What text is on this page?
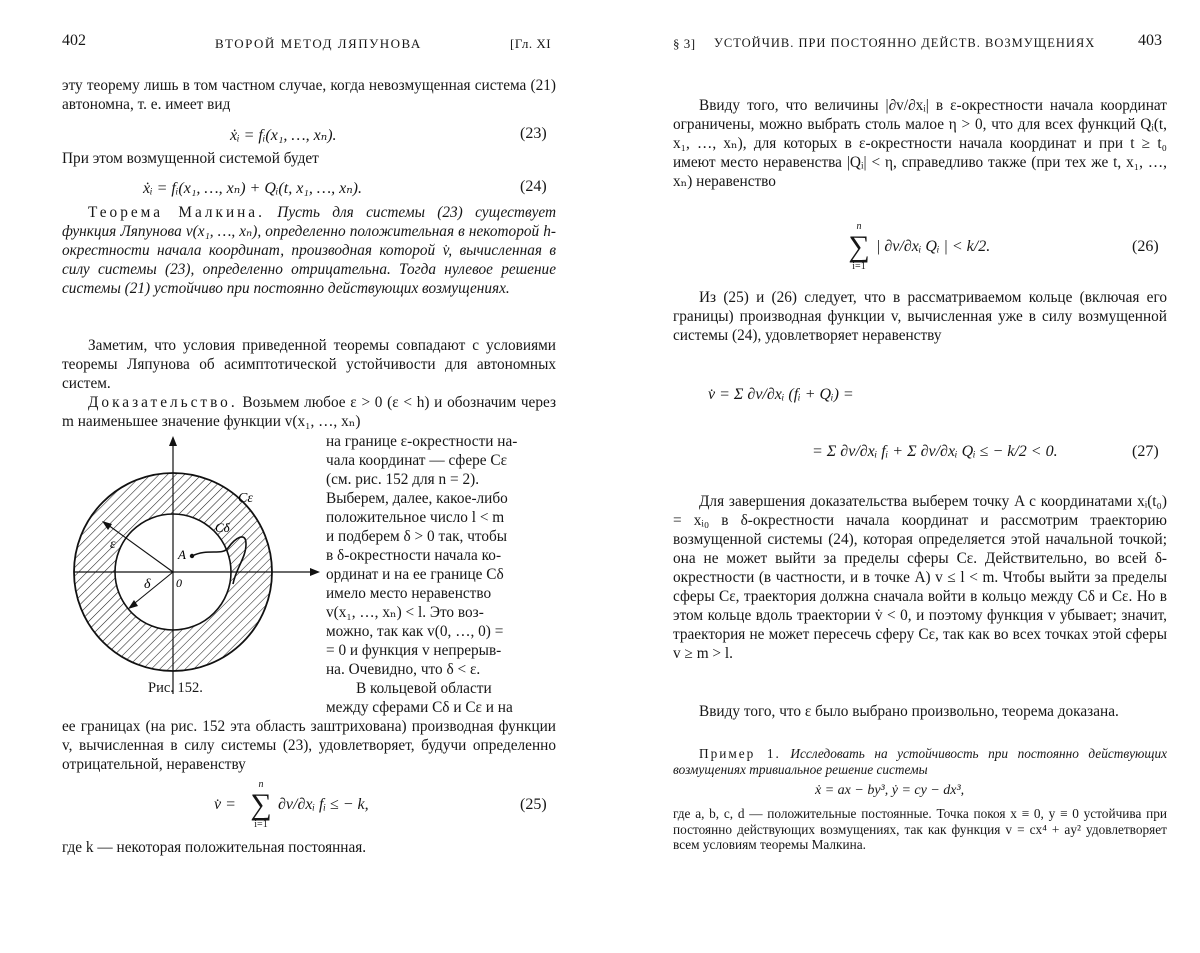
402	ВТОРОЙ МЕТОД ЛЯПУНОВА	[Гл. XI

эту теорему лишь в том частном случае, когда невозмущенная система (21) автономна, т. е. имеет вид

ẋᵢ = fᵢ(x₁, …, xₙ).	(23)

При этом возмущенной системой будет

ẋᵢ = fᵢ(x₁, …, xₙ) + Qᵢ(t, x₁, …, xₙ).	(24)

Теорема Малкина. Пусть для системы (23) существует функция Ляпунова v(x₁, …, xₙ), определенно положительная в некоторой h-окрестности начала координат, производная которой v̇, вычисленная в силу системы (23), определенно отрицательна. Тогда нулевое решение системы (21) устойчиво при постоянно действующих возмущениях.

Заметим, что условия приведенной теоремы совпадают с условиями теоремы Ляпунова об асимптотической устойчивости для автономных систем.

Доказательство. Возьмем любое ε > 0 (ε < h) и обозначим через m наименьшее значение функции v(x₁, …, xₙ)

Cε
Cδ
ε
δ
A
0

на границе ε-окрестности на-

чала координат — сфере Cε

(см. рис. 152 для n = 2).

Выберем, далее, какое-либо

положительное число l < m

и подберем δ > 0 так, чтобы

в δ-окрестности начала ко-

ординат и на ее границе Cδ

имело место неравенство

v(x₁, …, xₙ) < l. Это воз-

можно, так как v(0, …, 0) =

= 0 и функция v непрерыв-

на. Очевидно, что δ < ε.

В кольцевой области

между сферами Cδ и Cε и на

Рис. 152.

ее границах (на рис. 152 эта область заштрихована) производная функции v, вычисленная в силу системы (23), удовлетворяет, будучи определенно отрицательной, неравенству

v̇ =
n
∑
i=1
∂v/∂xᵢ fᵢ ≤ − k,	(25)

где k — некоторая положительная постоянная.

§ 3] УСТОЙЧИВ. ПРИ ПОСТОЯННО ДЕЙСТВ. ВОЗМУЩЕНИЯХ	403

Ввиду того, что величины |∂v/∂xᵢ| в ε-окрестности начала координат ограничены, можно выбрать столь малое η > 0, что для всех функций Qᵢ(t, x₁, …, xₙ), для которых в ε-окрестности начала координат и при t ≥ t₀ имеют место неравенства |Qᵢ| < η, справедливо также (при тех же t, x₁, …, xₙ) неравенство

n
∑
i=1
| ∂v/∂xᵢ Qᵢ | < k/2.	(26)

Из (25) и (26) следует, что в рассматриваемом кольце (включая его границы) производная функции v, вычисленная уже в силу возмущенной системы (24), удовлетворяет неравенству

v̇ = Σ ∂v/∂xᵢ (fᵢ + Qᵢ) =
= Σ ∂v/∂xᵢ fᵢ + Σ ∂v/∂xᵢ Qᵢ ≤ − k/2 < 0.	(27)

Для завершения доказательства выберем точку A с координатами xᵢ(t₀) = xᵢ₀ в δ-окрестности начала координат и рассмотрим траекторию возмущенной системы (24), которая определяется этой начальной точкой; она не может выйти за пределы сферы Cε. Действительно, во всей δ-окрестности (в частности, и в точке A) v ≤ l < m. Чтобы выйти за пределы сферы Cε, траектория должна сначала войти в кольцо между Cδ и Cε. Но в этом кольце вдоль траектории v̇ < 0, и поэтому функция v убывает; значит, траектория не может пересечь сферу Cε, так как во всех точках этой сферы v ≥ m > l.

Ввиду того, что ε было выбрано произвольно, теорема доказана.

Пример 1. Исследовать на устойчивость при постоянно действующих возмущениях тривиальное решение системы

ẋ = ax − by³, ẏ = cy − dx³,

где a, b, c, d — положительные постоянные. Точка покоя x ≡ 0, y ≡ 0 устойчива при постоянно действующих возмущениях, так как функция v = cx⁴ + ay² удовлетворяет всем условиям теоремы Малкина.
